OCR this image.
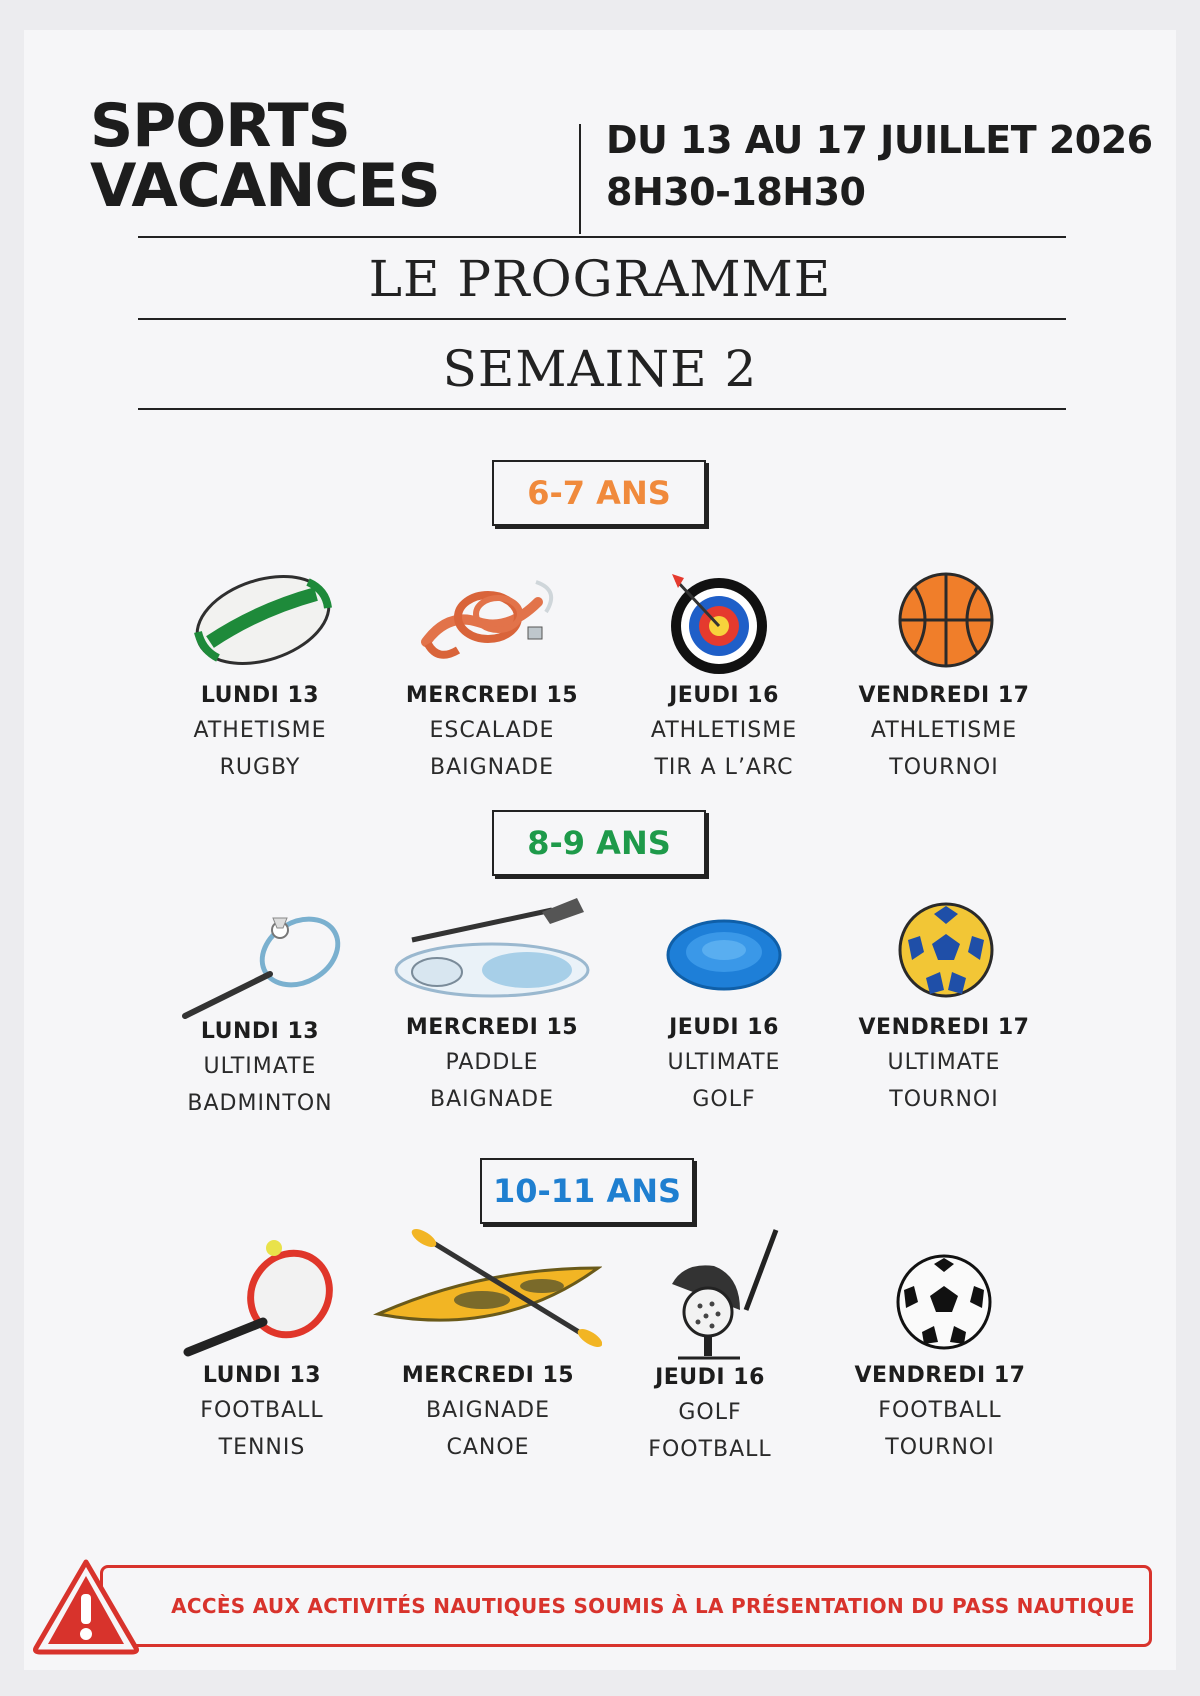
SPORTS
VACANCES
DU 13 AU 17 JUILLET 2026
8H30-18H30
LE PROGRAMME
SEMAINE 2
6-7 ANS
8-9 ANS
10-11 ANS
LUNDI 13
ATHETISME
RUGBY
MERCREDI 15
ESCALADE
BAIGNADE
JEUDI 16
ATHLETISME
TIR A L’ARC
VENDREDI 17
ATHLETISME
TOURNOI
LUNDI 13
ULTIMATE
BADMINTON
MERCREDI 15
PADDLE
BAIGNADE
JEUDI 16
ULTIMATE
GOLF
VENDREDI 17
ULTIMATE
TOURNOI
LUNDI 13
FOOTBALL
TENNIS
MERCREDI 15
BAIGNADE
CANOE
JEUDI 16
GOLF
FOOTBALL
VENDREDI 17
FOOTBALL
TOURNOI
ACCÈS AUX ACTIVITÉS NAUTIQUES SOUMIS À LA PRÉSENTATION DU PASS NAUTIQUE
